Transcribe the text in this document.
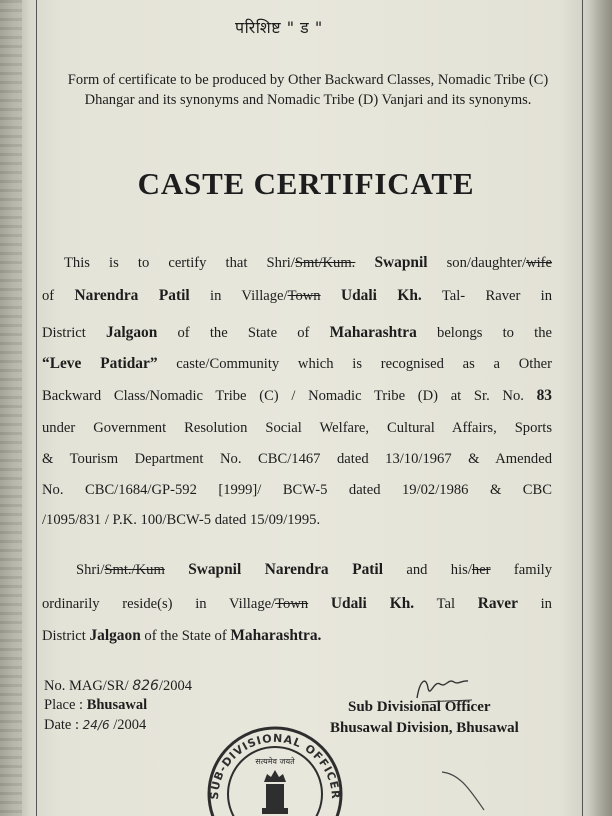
परिशिष्ट " ड "
Form of certificate to be produced by Other Backward Classes, Nomadic Tribe (C) Dhangar and its synonyms and Nomadic Tribe (D) Vanjari and its synonyms.
CASTE CERTIFICATE
This is to certify that Shri/Smt/Kum. Swapnil son/daughter/wife
of Narendra Patil in Village/Town Udali Kh. Tal- Raver in
District Jalgaon of the State of Maharashtra belongs to the
“Leve Patidar” caste/Community which is recognised as a Other
Backward Class/Nomadic Tribe (C) / Nomadic Tribe (D) at Sr. No. 83
under Government Resolution Social Welfare, Cultural Affairs, Sports
& Tourism Department No. CBC/1467 dated 13/10/1967 & Amended
No. CBC/1684/GP-592 [1999]/ BCW-5 dated 19/02/1986 & CBC
/1095/831 / P.K. 100/BCW-5 dated 15/09/1995.
Shri/Smt./Kum Swapnil Narendra Patil and his/her family
ordinarily reside(s) in Village/Town Udali Kh. Tal Raver in
District Jalgaon of the State of Maharashtra.
No. MAG/SR/ 826/2004
Place : Bhusawal
Date : 24/6 /2004
Sub Divisional Officer
Bhusawal Division, Bhusawal
SUB-DIVISIONAL OFFICER
सत्यमेव जयते
